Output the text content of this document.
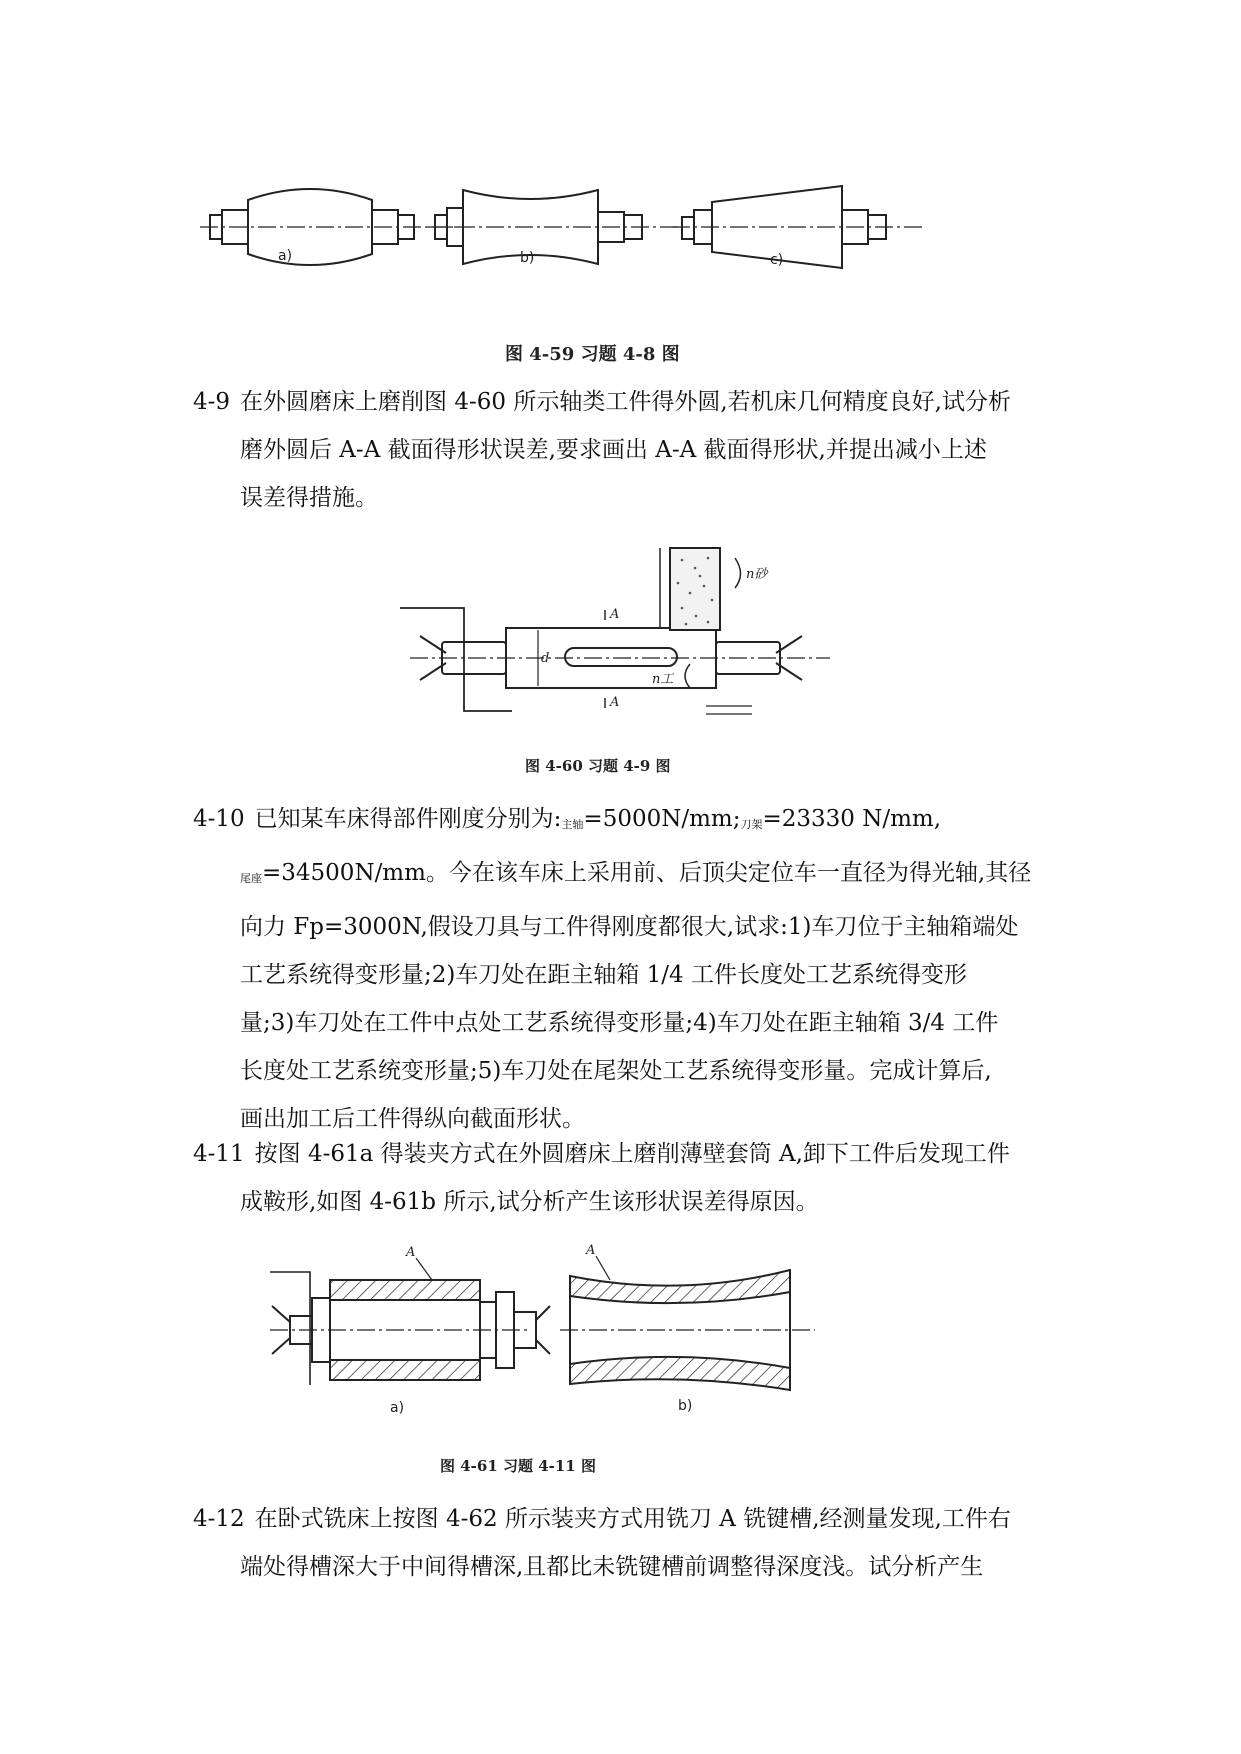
a)	b)	c)
图 4-59 习题 4-8 图
4-9 在外圆磨床上磨削图 4-60 所示轴类工件得外圆,若机床几何精度良好,试分析
磨外圆后 A-A 截面得形状误差,要求画出 A-A 截面得形状,并提出减小上述
误差得措施。
A
A
n砂
n工
d
图 4-60 习题 4-9 图
4-10 已知某车床得部件刚度分别为:主轴=5000N/mm;刀架=23330 N/mm,
尾座=34500N/mm。今在该车床上采用前、后顶尖定位车一直径为得光轴,其径
向力 Fp=3000N,假设刀具与工件得刚度都很大,试求:1)车刀位于主轴箱端处
工艺系统得变形量;2)车刀处在距主轴箱 1/4 工件长度处工艺系统得变形
量;3)车刀处在工件中点处工艺系统得变形量;4)车刀处在距主轴箱 3/4 工件
长度处工艺系统变形量;5)车刀处在尾架处工艺系统得变形量。完成计算后,
画出加工后工件得纵向截面形状。
4-11 按图 4-61a 得装夹方式在外圆磨床上磨削薄壁套筒 A,卸下工件后发现工件
成鞍形,如图 4-61b 所示,试分析产生该形状误差得原因。
A	A
a)	b)
图 4-61 习题 4-11 图
4-12 在卧式铣床上按图 4-62 所示装夹方式用铣刀 A 铣键槽,经测量发现,工件右
端处得槽深大于中间得槽深,且都比未铣键槽前调整得深度浅。试分析产生
